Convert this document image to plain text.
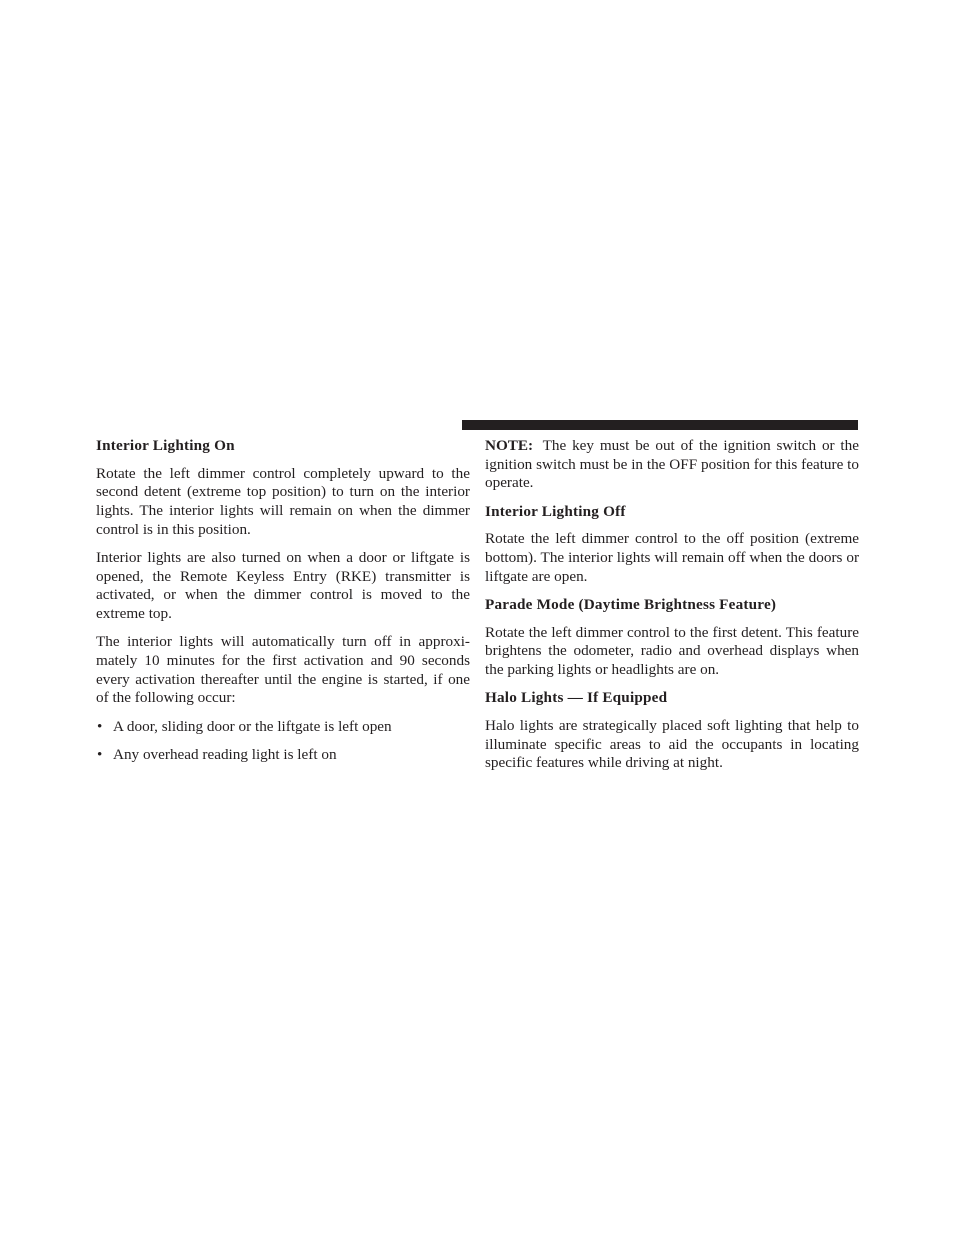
Interior Lighting On

Rotate the left dimmer control completely upward to the second detent (extreme top position) to turn on the interior lights. The interior lights will remain on when the dimmer control is in this position.

Interior lights are also turned on when a door or liftgate is opened, the Remote Keyless Entry (RKE) transmitter is activated, or when the dimmer control is moved to the extreme top.

The interior lights will automatically turn off in approxi-mately 10 minutes for the first activation and 90 seconds every activation thereafter until the engine is started, if one of the following occur:

• A door, sliding door or the liftgate is left open
• Any overhead reading light is left on

NOTE: The key must be out of the ignition switch or the ignition switch must be in the OFF position for this feature to operate.

Interior Lighting Off

Rotate the left dimmer control to the off position (extreme bottom). The interior lights will remain off when the doors or liftgate are open.

Parade Mode (Daytime Brightness Feature)

Rotate the left dimmer control to the first detent. This feature brightens the odometer, radio and overhead displays when the parking lights or headlights are on.

Halo Lights — If Equipped

Halo lights are strategically placed soft lighting that help to illuminate specific areas to aid the occupants in locating specific features while driving at night.
